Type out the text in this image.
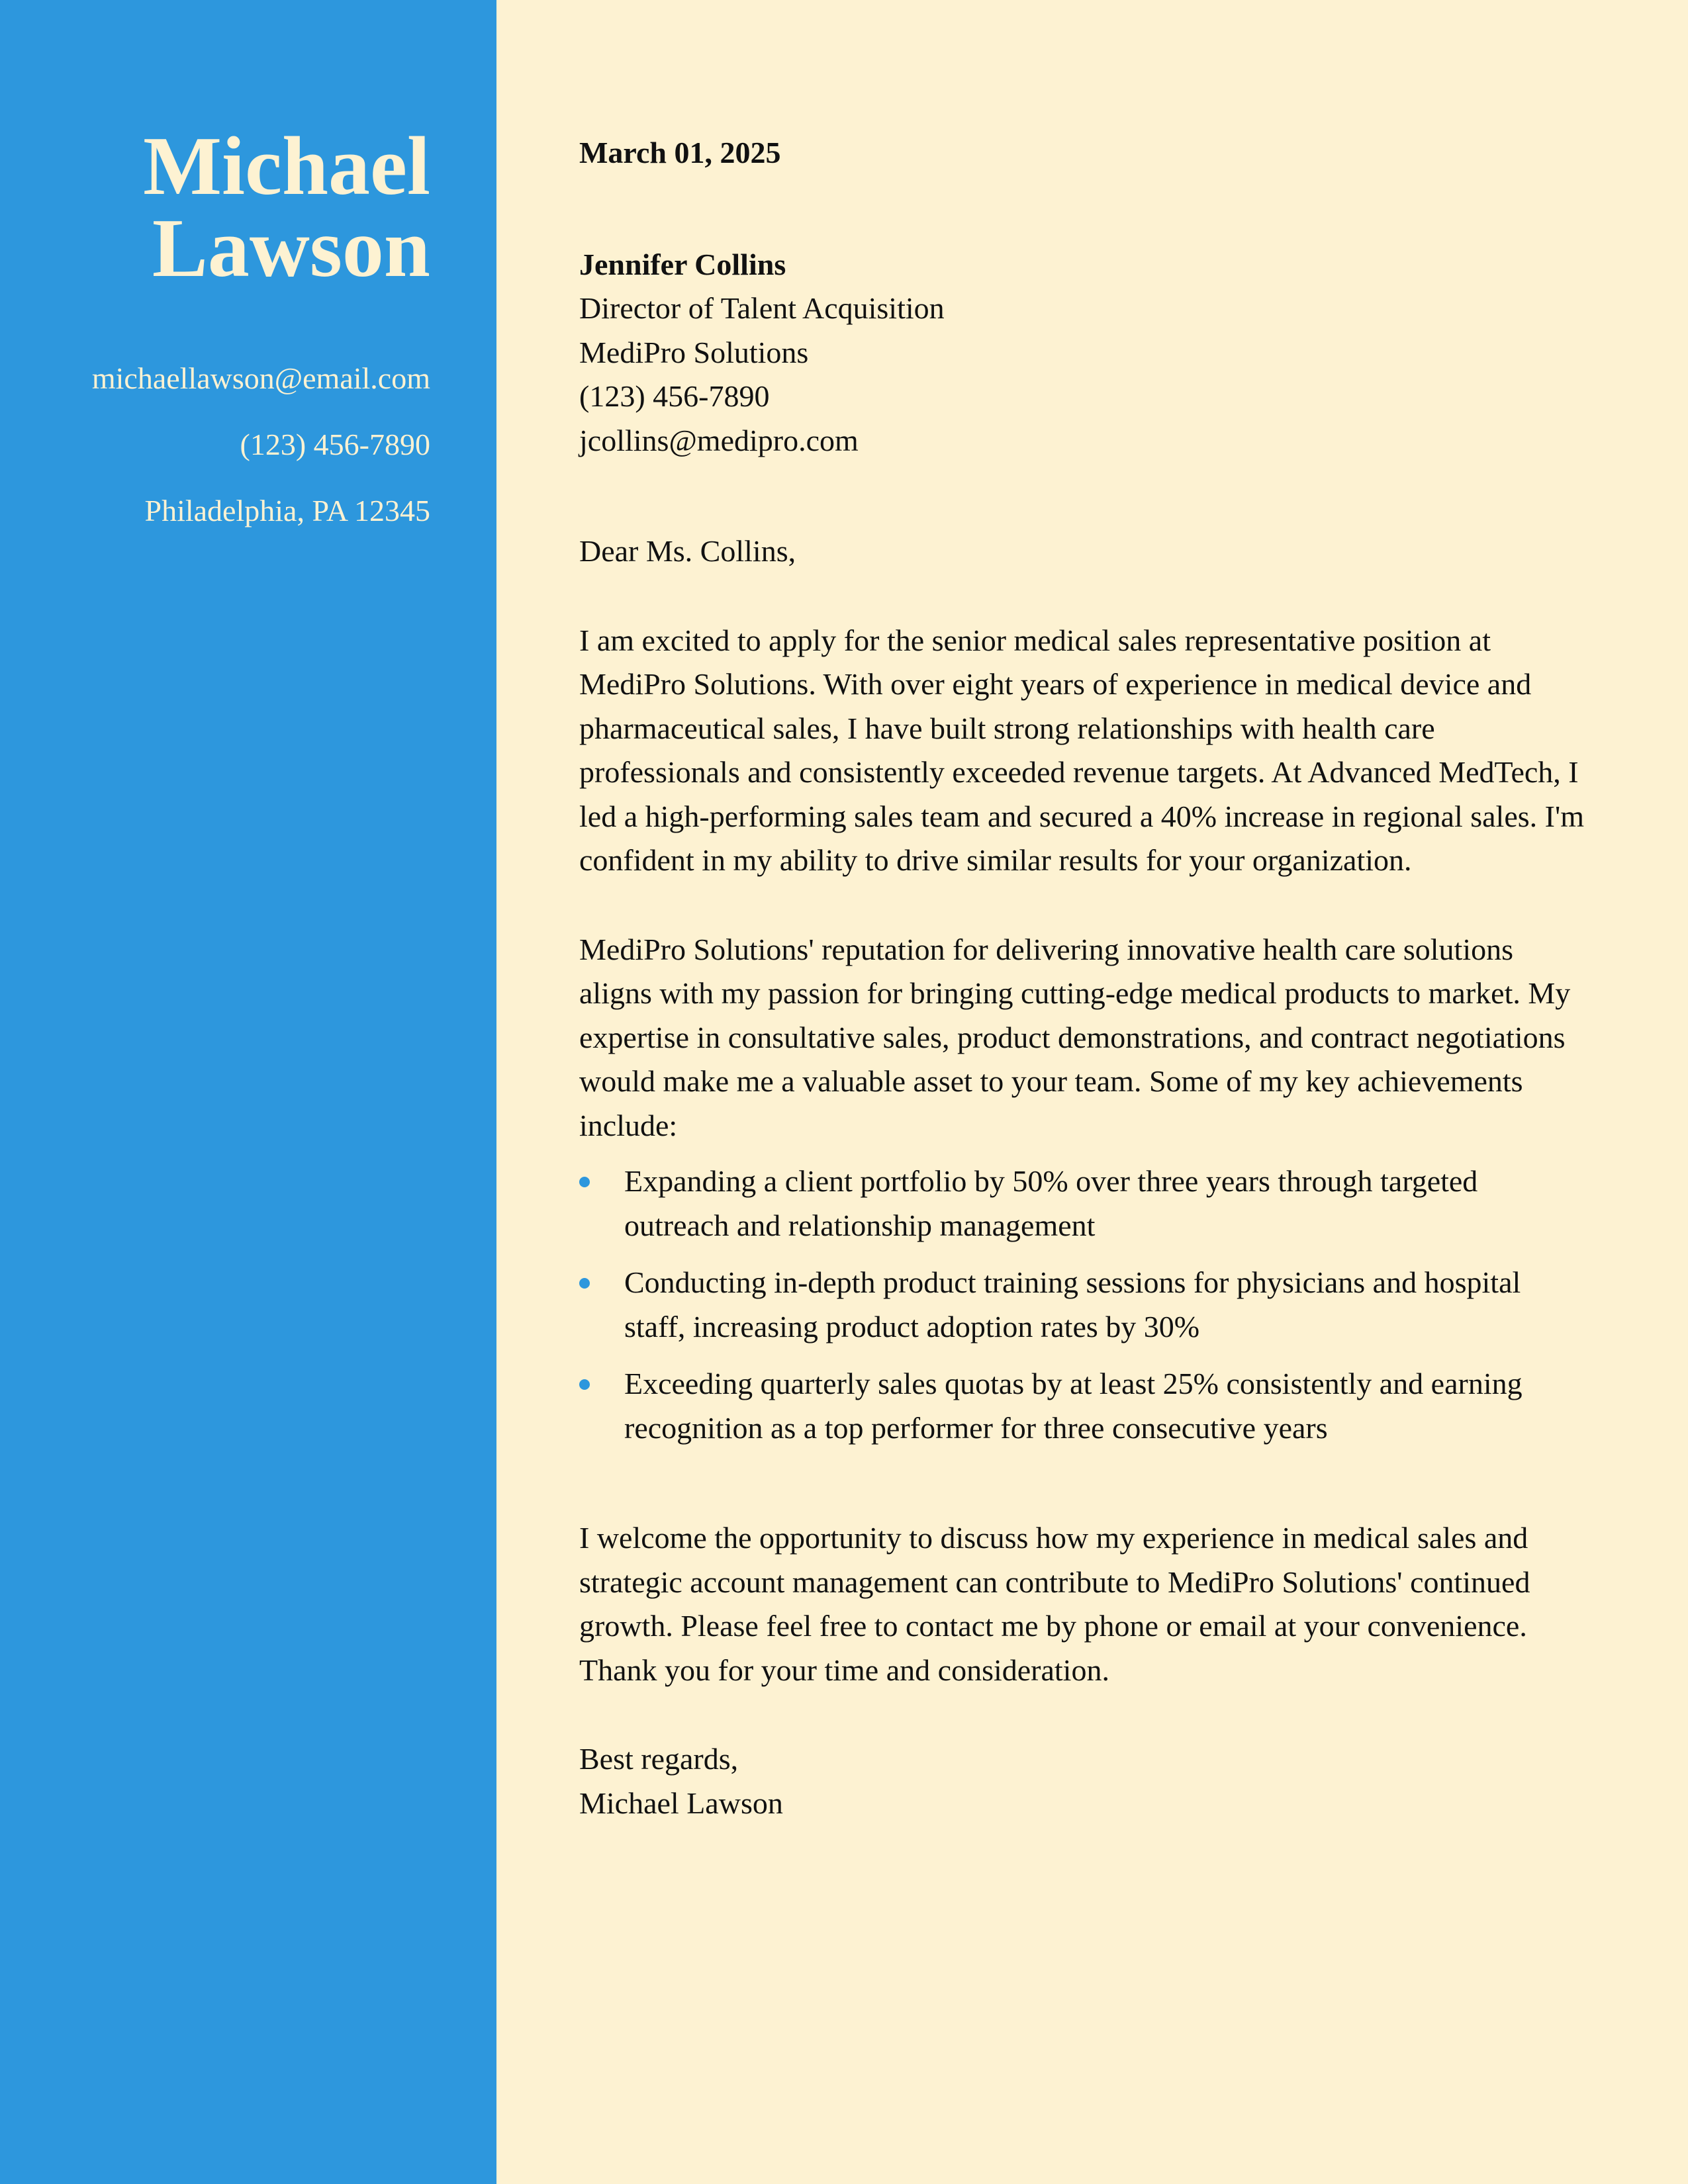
Michael
Lawson
michaellawson@email.com
(123) 456-7890
Philadelphia, PA 12345
March 01, 2025
Jennifer Collins
Director of Talent Acquisition
MediPro Solutions
(123) 456-7890
jcollins@medipro.com
Dear Ms. Collins,

I am excited to apply for the senior medical sales representative position at MediPro Solutions. With over eight years of experience in medical device and pharmaceutical sales, I have built strong relationships with health care professionals and consistently exceeded revenue targets. At Advanced MedTech, I led a high-performing sales team and secured a 40% increase in regional sales. I'm confident in my ability to drive similar results for your organization.

MediPro Solutions' reputation for delivering innovative health care solutions aligns with my passion for bringing cutting-edge medical products to market. My expertise in consultative sales, product demonstrations, and contract negotiations would make me a valuable asset to your team. Some of my key achievements include:

Expanding a client portfolio by 50% over three years through targeted outreach and relationship management
Conducting in-depth product training sessions for physicians and hospital staff, increasing product adoption rates by 30%
Exceeding quarterly sales quotas by at least 25% consistently and earning recognition as a top performer for three consecutive years

I welcome the opportunity to discuss how my experience in medical sales and strategic account management can contribute to MediPro Solutions' continued growth. Please feel free to contact me by phone or email at your convenience. Thank you for your time and consideration.

Best regards,
Michael Lawson
